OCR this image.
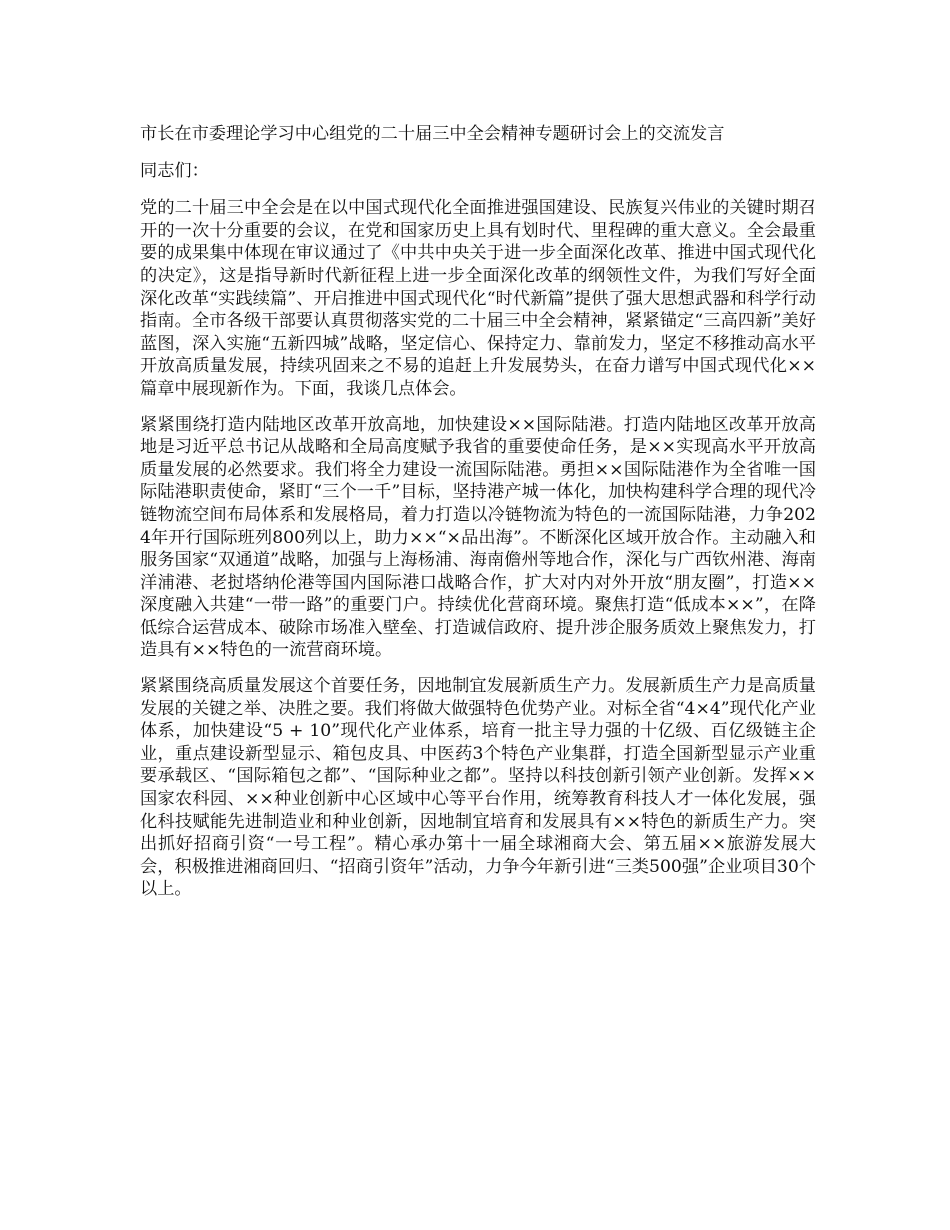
市长在市委理论学习中心组党的二十届三中全会精神专题研讨会上的交流发言

同志们：

党的二十届三中全会是在以中国式现代化全面推进强国建设、民族复兴伟业的关键时期召开的一次十分重要的会议，在党和国家历史上具有划时代、里程碑的重大意义。全会最重要的成果集中体现在审议通过了《中共中央关于进一步全面深化改革、推进中国式现代化的决定》，这是指导新时代新征程上进一步全面深化改革的纲领性文件，为我们写好全面深化改革“实践续篇”、开启推进中国式现代化“时代新篇”提供了强大思想武器和科学行动指南。全市各级干部要认真贯彻落实党的二十届三中全会精神，紧紧锚定“三高四新”美好蓝图，深入实施“五新四城”战略，坚定信心、保持定力、靠前发力，坚定不移推动高水平开放高质量发展，持续巩固来之不易的追赶上升发展势头，在奋力谱写中国式现代化××篇章中展现新作为。下面，我谈几点体会。

紧紧围绕打造内陆地区改革开放高地，加快建设××国际陆港。打造内陆地区改革开放高地是习近平总书记从战略和全局高度赋予我省的重要使命任务，是××实现高水平开放高质量发展的必然要求。我们将全力建设一流国际陆港。勇担××国际陆港作为全省唯一国际陆港职责使命，紧盯“三个一千”目标，坚持港产城一体化，加快构建科学合理的现代冷链物流空间布局体系和发展格局，着力打造以冷链物流为特色的一流国际陆港，力争2024年开行国际班列800列以上，助力××“×品出海”。不断深化区域开放合作。主动融入和服务国家“双通道”战略，加强与上海杨浦、海南儋州等地合作，深化与广西钦州港、海南洋浦港、老挝塔纳伦港等国内国际港口战略合作，扩大对内对外开放“朋友圈”，打造××深度融入共建“一带一路”的重要门户。持续优化营商环境。聚焦打造“低成本××”，在降低综合运营成本、破除市场准入壁垒、打造诚信政府、提升涉企服务质效上聚焦发力，打造具有××特色的一流营商环境。

紧紧围绕高质量发展这个首要任务，因地制宜发展新质生产力。发展新质生产力是高质量发展的关键之举、决胜之要。我们将做大做强特色优势产业。对标全省“4×4”现代化产业体系，加快建设“5 + 10”现代化产业体系，培育一批主导力强的十亿级、百亿级链主企业，重点建设新型显示、箱包皮具、中医药3个特色产业集群，打造全国新型显示产业重要承载区、“国际箱包之都”、“国际种业之都”。坚持以科技创新引领产业创新。发挥××国家农科园、××种业创新中心区域中心等平台作用，统筹教育科技人才一体化发展，强化科技赋能先进制造业和种业创新，因地制宜培育和发展具有××特色的新质生产力。突出抓好招商引资“一号工程”。精心承办第十一届全球湘商大会、第五届××旅游发展大会，积极推进湘商回归、“招商引资年”活动，力争今年新引进“三类500强”企业项目30个以上。
